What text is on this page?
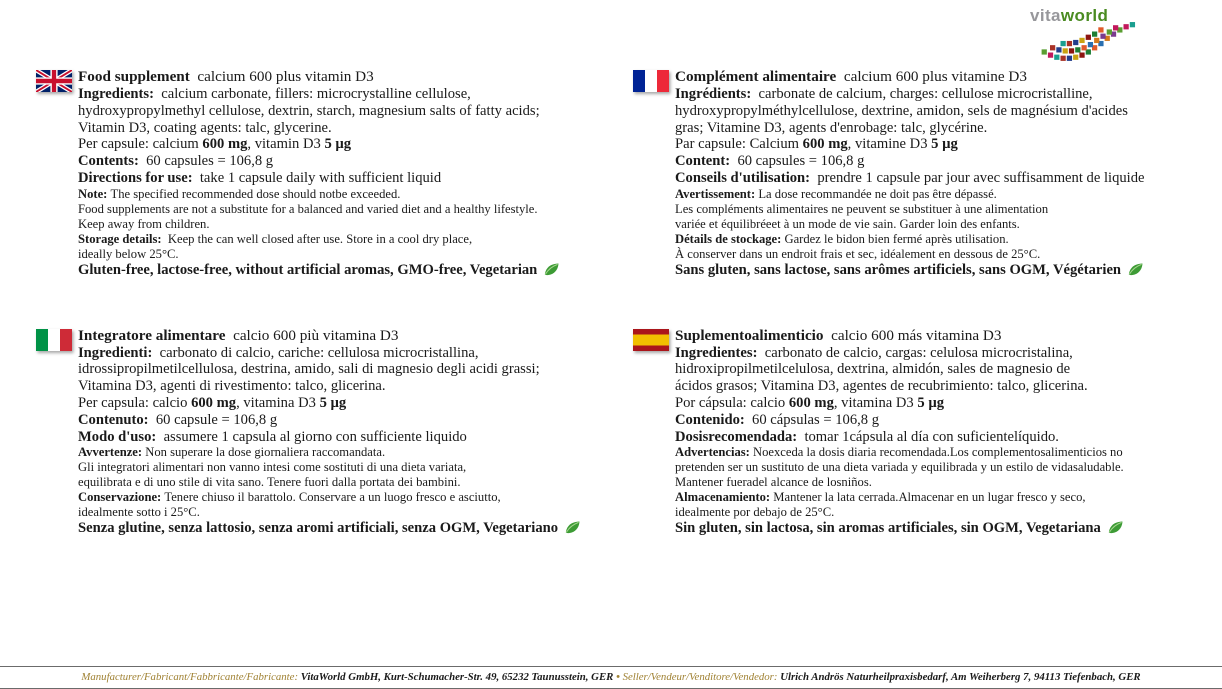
vitaworld
Food supplement  calcium 600 plus vitamin D3
Ingredients:  calcium carbonate, fillers: microcrystalline cellulose,
hydroxypropylmethyl cellulose, dextrin, starch, magnesium salts of fatty acids;
Vitamin D3, coating agents: talc, glycerine.
Per capsule: calcium 600 mg, vitamin D3 5 µg
Contents:  60 capsules = 106,8 g
Directions for use:  take 1 capsule daily with sufficient liquid
Note: The specified recommended dose should notbe exceeded.
Food supplements are not a substitute for a balanced and varied diet and a healthy lifestyle.
Keep away from children.
Storage details:  Keep the can well closed after use. Store in a cool dry place,
ideally below 25°C.
Gluten-free, lactose-free, without artificial aromas, GMO-free, Vegetarian
Complément alimentaire  calcium 600 plus vitamine D3
Ingrédients:  carbonate de calcium, charges: cellulose microcristalline,
hydroxypropylméthylcellulose, dextrine, amidon, sels de magnésium d'acides
gras; Vitamine D3, agents d'enrobage: talc, glycérine.
Par capsule: Calcium 600 mg, vitamine D3 5 µg
Content:  60 capsules = 106,8 g
Conseils d'utilisation:  prendre 1 capsule par jour avec suffisamment de liquide
Avertissement: La dose recommandée ne doit pas être dépassé.
Les compléments alimentaires ne peuvent se substituer à une alimentation
variée et équilibréeet à un mode de vie sain. Garder loin des enfants.
Détails de stockage: Gardez le bidon bien fermé après utilisation.
À conserver dans un endroit frais et sec, idéalement en dessous de 25°C.
Sans gluten, sans lactose, sans arômes artificiels, sans OGM, Végétarien
Integratore alimentare  calcio 600 più vitamina D3
Ingredienti:  carbonato di calcio, cariche: cellulosa microcristallina,
idrossipropilmetilcellulosa, destrina, amido, sali di magnesio degli acidi grassi;
Vitamina D3, agenti di rivestimento: talco, glicerina.
Per capsula: calcio 600 mg, vitamina D3 5 µg
Contenuto:  60 capsule = 106,8 g
Modo d'uso:  assumere 1 capsula al giorno con sufficiente liquido
Avvertenze: Non superare la dose giornaliera raccomandata.
Gli integratori alimentari non vanno intesi come sostituti di una dieta variata,
equilibrata e di uno stile di vita sano. Tenere fuori dalla portata dei bambini.
Conservazione: Tenere chiuso il barattolo. Conservare a un luogo fresco e asciutto,
idealmente sotto i 25°C.
Senza glutine, senza lattosio, senza aromi artificiali, senza OGM, Vegetariano
Suplementoalimenticio  calcio 600 más vitamina D3
Ingredientes:  carbonato de calcio, cargas: celulosa microcristalina,
hidroxipropilmetilcelulosa, dextrina, almidón, sales de magnesio de
ácidos grasos; Vitamina D3, agentes de recubrimiento: talco, glicerina.
Por cápsula: calcio 600 mg, vitamina D3 5 µg
Contenido:  60 cápsulas = 106,8 g
Dosisrecomendada:  tomar 1cápsula al día con suficientelíquido.
Advertencias: Noexceda la dosis diaria recomendada.Los complementosalimenticios no
pretenden ser un sustituto de una dieta variada y equilibrada y un estilo de vidasaludable.
Mantener fueradel alcance de losniños.
Almacenamiento: Mantener la lata cerrada.Almacenar en un lugar fresco y seco,
idealmente por debajo de 25°C.
Sin gluten, sin lactosa, sin aromas artificiales, sin OGM, Vegetariana
Manufacturer/Fabricant/Fabbricante/Fabricante: VitaWorld GmbH, Kurt-Schumacher-Str. 49, 65232 Taunusstein, GER • Seller/Vendeur/Venditore/Vendedor: Ulrich Andrös Naturheilpraxisbedarf, Am Weiherberg 7, 94113 Tiefenbach, GER
